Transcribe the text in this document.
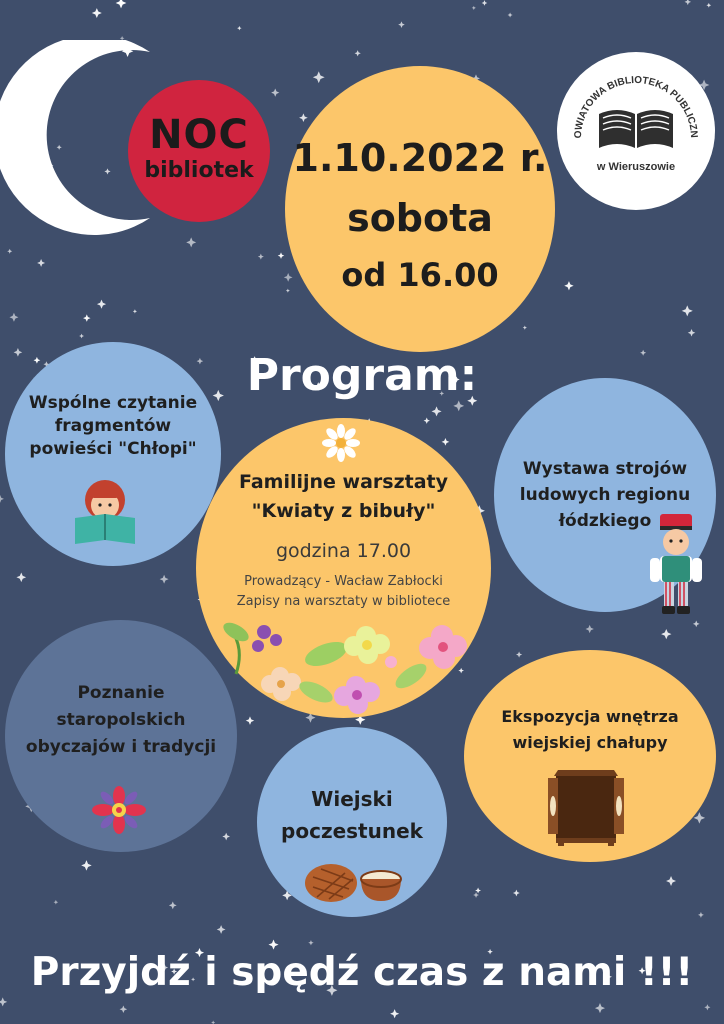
NOC
bibliotek	1.10.2022 r.
sobota
od 16.00
OWIATOWA BIBLIOTEKA PUBLICZN
w Wieruszowie
Program:
Wspólne czytanie
fragmentów
powieści "Chłopi"
Familijne warsztaty
"Kwiaty z bibuły"
godzina 17.00
Prowadzący - Wacław Zabłocki
Zapisy na warsztaty w bibliotece
Wystawa strojów
ludowych regionu
łódzkiego
Poznanie
staropolskich
obyczajów i tradycji
Wiejski
poczestunek
Ekspozycja wnętrza
wiejskiej chałupy
Przyjdź i spędź czas z nami !!!
